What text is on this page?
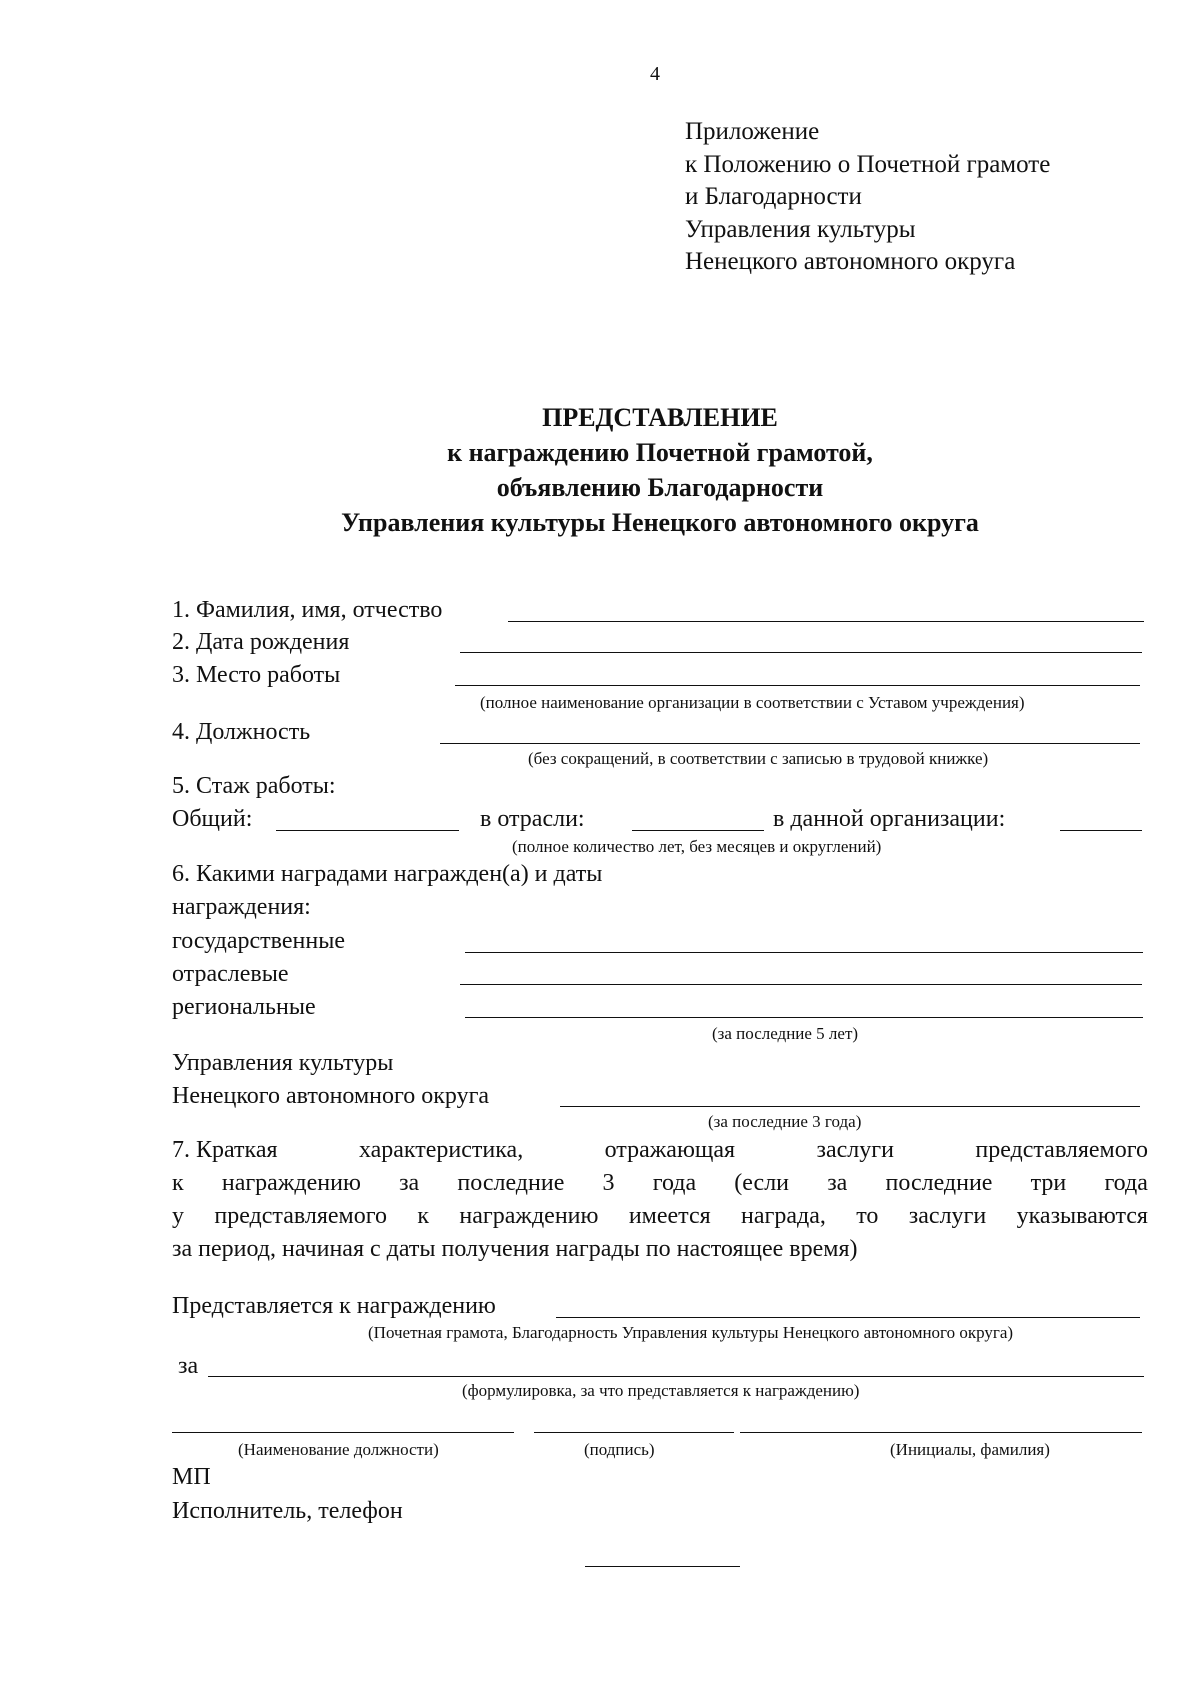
4
Приложение
к Положению о Почетной грамоте
и Благодарности
Управления культуры
Ненецкого автономного округа
ПРЕДСТАВЛЕНИЕ
к награждению Почетной грамотой,
объявлению Благодарности
Управления культуры Ненецкого автономного округа
1. Фамилия, имя, отчество
2. Дата рождения
3. Место работы
(полное наименование организации в соответствии с Уставом учреждения)
4. Должность
(без сокращений, в соответствии с записью в трудовой книжке)
5. Стаж работы:
Общий:	в отрасли:	в данной организации:
(полное количество лет, без месяцев и округлений)
6. Какими наградами награжден(а) и даты
награждения:
государственные
отраслевые
региональные
(за последние 5 лет)
Управления культуры
Ненецкого автономного округа
(за последние 3 года)
7. Краткая	характеристика,	отражающая	заслуги	представляемого
к награждению за последние 3 года (если за последние три года
у представляемого к награждению имеется награда, то заслуги указываются
за период, начиная с даты получения награды по настоящее время)
Представляется к награждению
(Почетная грамота, Благодарность Управления культуры Ненецкого автономного округа)
за
(формулировка, за что представляется к награждению)
(Наименование должности)	(подпись)	(Инициалы, фамилия)
МП
Исполнитель, телефон
